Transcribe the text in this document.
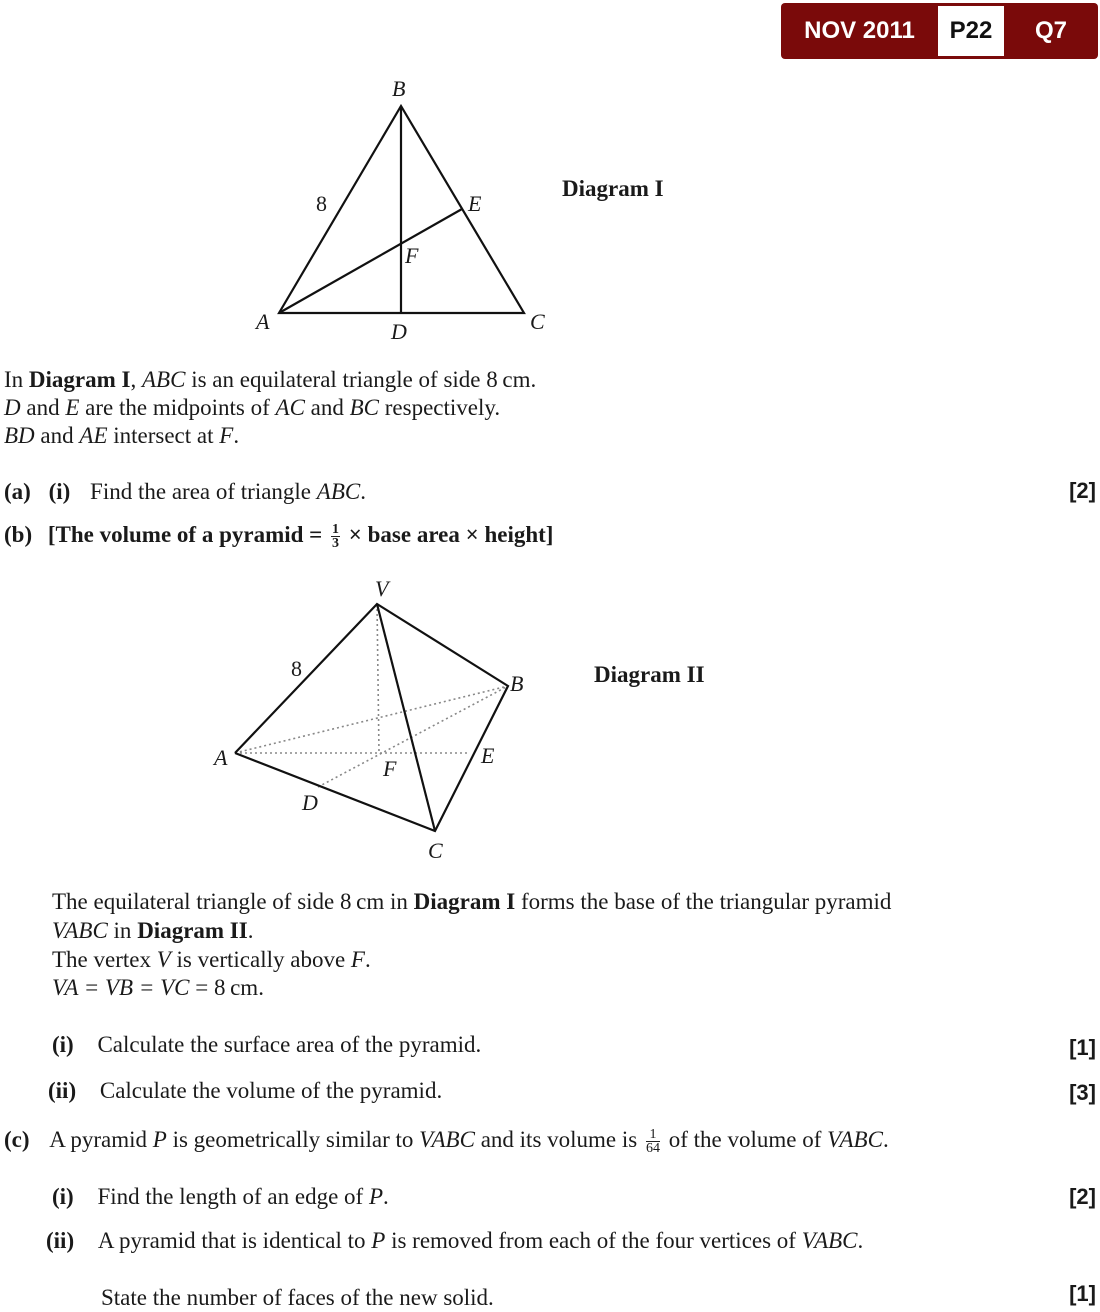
NOV 2011	P22	Q7
B
8	E
F
A	D	C
Diagram I
In Diagram I, ABC is an equilateral triangle of side 8 cm.
D and E are the midpoints of AC and BC respectively.
BD and AE intersect at F.
(a) (i) Find the area of triangle ABC.	[2]
(b) [The volume of a pyramid = $\frac{1}{3}$ × base area × height]
V
8
B
A	F
E
D
C
Diagram II
The equilateral triangle of side 8 cm in Diagram I forms the base of the triangular pyramid
VABC in Diagram II.
The vertex V is vertically above F.
VA = VB = VC = 8 cm.
(i) Calculate the surface area of the pyramid.	[1]
(ii) Calculate the volume of the pyramid.	[3]
(c) A pyramid P is geometrically similar to VABC and its volume is $\frac{1}{64}$ of the volume of VABC.
(i) Find the length of an edge of P.	[2]
(ii) A pyramid that is identical to P is removed from each of the four vertices of VABC.
State the number of faces of the new solid.	[1]
